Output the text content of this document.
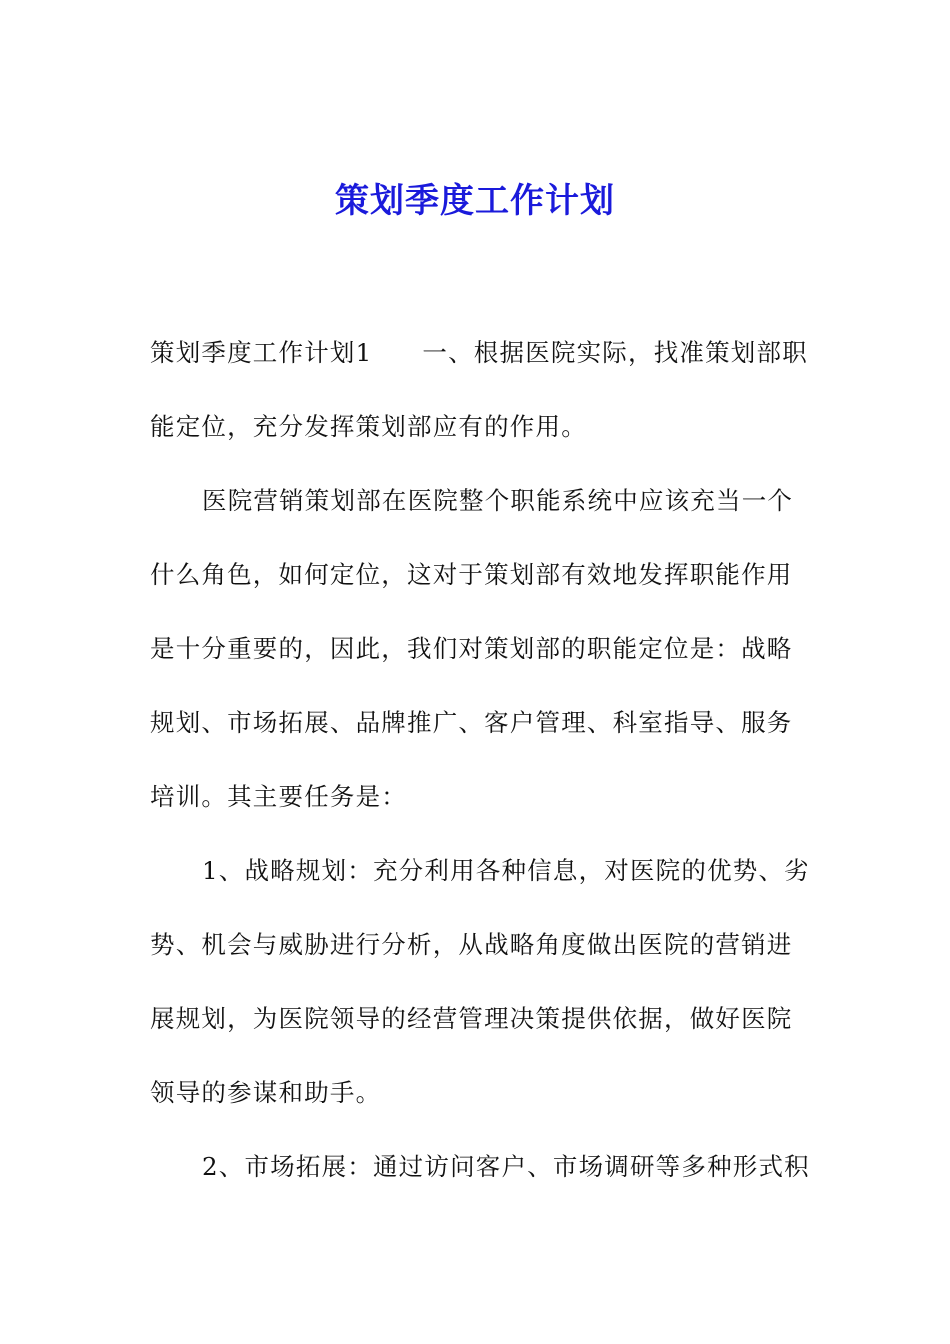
策划季度工作计划

策划季度工作计划1 一、根据医院实际，找准策划部职能定位，充分发挥策划部应有的作用。

医院营销策划部在医院整个职能系统中应该充当一个什么角色，如何定位，这对于策划部有效地发挥职能作用是十分重要的，因此，我们对策划部的职能定位是：战略规划、市场拓展、品牌推广、客户管理、科室指导、服务培训。其主要任务是：

1、战略规划：充分利用各种信息，对医院的优势、劣势、机会与威胁进行分析，从战略角度做出医院的营销进展规划，为医院领导的经营管理决策提供依据，做好医院领导的参谋和助手。

2、市场拓展：通过访问客户、市场调研等多种形式积
